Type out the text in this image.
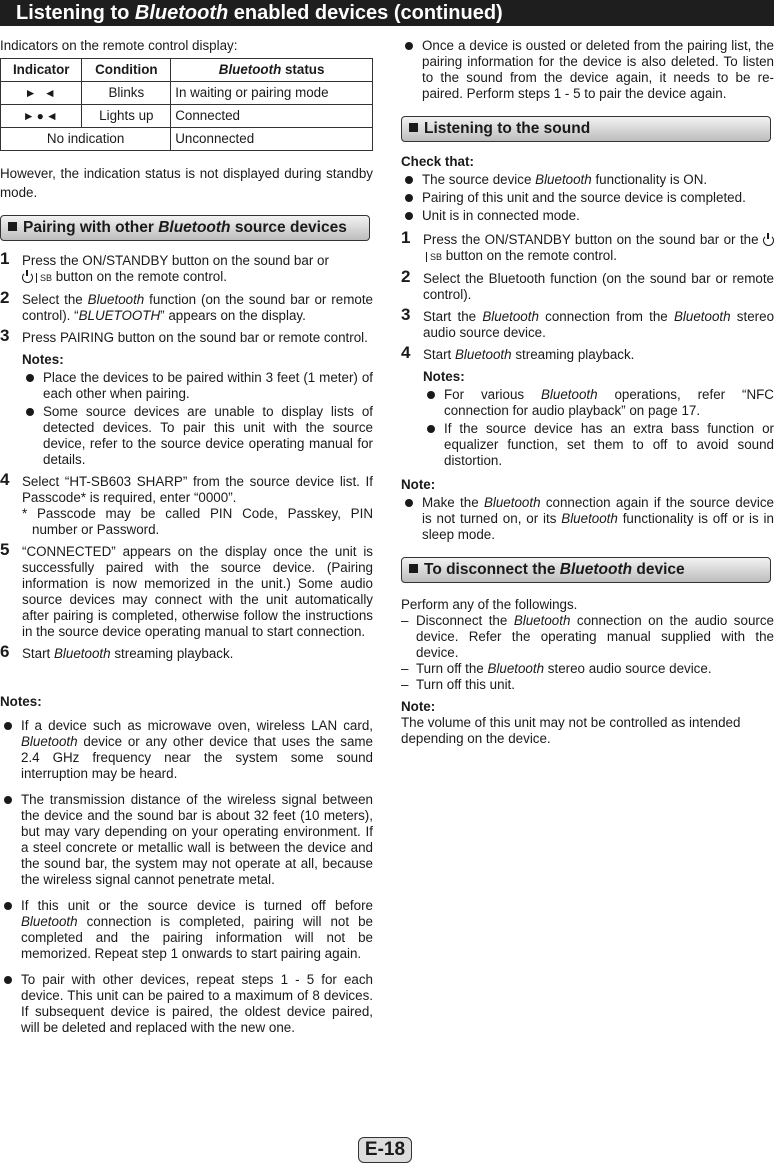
Listening to Bluetooth enabled devices (continued)

Indicators on the remote control display:

Indicator	Condition	Bluetooth status
► ◄	Blinks	In waiting or pairing mode
►●◄	Lights up	Connected
No indication		Unconnected

However, the indication status is not displayed during standby mode.

Pairing with other Bluetooth source devices
1 Press the ON/STANDBY button on the sound bar or
SB button on the remote control.
2 Select the Bluetooth function (on the sound bar or remote control). “BLUETOOTH” appears on the display.
3 Press PAIRING button on the sound bar or remote control.

Notes:

Place the devices to be paired within 3 feet (1 meter) of each other when pairing.
Some source devices are unable to display lists of detected devices. To pair this unit with the source device, refer to the source device operating manual for details.
4 Select “HT-SB603 SHARP” from the source device list. If Passcode* is required, enter “0000”.

* Passcode may be called PIN Code, Passkey, PIN number or Password.
5 “CONNECTED” appears on the display once the unit is successfully paired with the source device. (Pairing information is now memorized in the unit.) Some audio source devices may connect with the unit automatically after pairing is completed, otherwise follow the instructions in the source device operating manual to start connection.
6 Start Bluetooth streaming playback.

Notes:

If a device such as microwave oven, wireless LAN card, Bluetooth device or any other device that uses the same 2.4 GHz frequency near the system some sound interruption may be heard.
The transmission distance of the wireless signal between the device and the sound bar is about 32 feet (10 meters), but may vary depending on your operating environment. If a steel concrete or metallic wall is between the device and the sound bar, the system may not operate at all, because the wireless signal cannot penetrate metal.
If this unit or the source device is turned off before Bluetooth connection is completed, pairing will not be completed and the pairing information will not be memorized. Repeat step 1 onwards to start pairing again.
To pair with other devices, repeat steps 1 - 5 for each device. This unit can be paired to a maximum of 8 devices. If subsequent device is paired, the oldest device paired, will be deleted and replaced with the new one.
Once a device is ousted or deleted from the pairing list, the pairing information for the device is also deleted. To listen to the sound from the device again, it needs to be re-paired. Perform steps 1 - 5 to pair the device again.
Listening to the sound

Check that:

The source device Bluetooth functionality is ON.
Pairing of this unit and the source device is completed.
Unit is in connected mode.
1 Press the ON/STANDBY button on the sound bar or the SB button on the remote control.
2 Select the Bluetooth function (on the sound bar or remote control).
3 Start the Bluetooth connection from the Bluetooth stereo audio source device.
4 Start Bluetooth streaming playback.

Notes:

For various Bluetooth operations, refer “NFC connection for audio playback” on page 17.
If the source device has an extra bass function or equalizer function, set them to off to avoid sound distortion.

Note:

Make the Bluetooth connection again if the source device is not turned on, or its Bluetooth functionality is off or is in sleep mode.
To disconnect the Bluetooth device

Perform any of the followings.

– Disconnect the Bluetooth connection on the audio source device. Refer the operating manual supplied with the device.
– Turn off the Bluetooth stereo audio source device.
– Turn off this unit.

Note:

The volume of this unit may not be controlled as intended depending on the device.

E-18
